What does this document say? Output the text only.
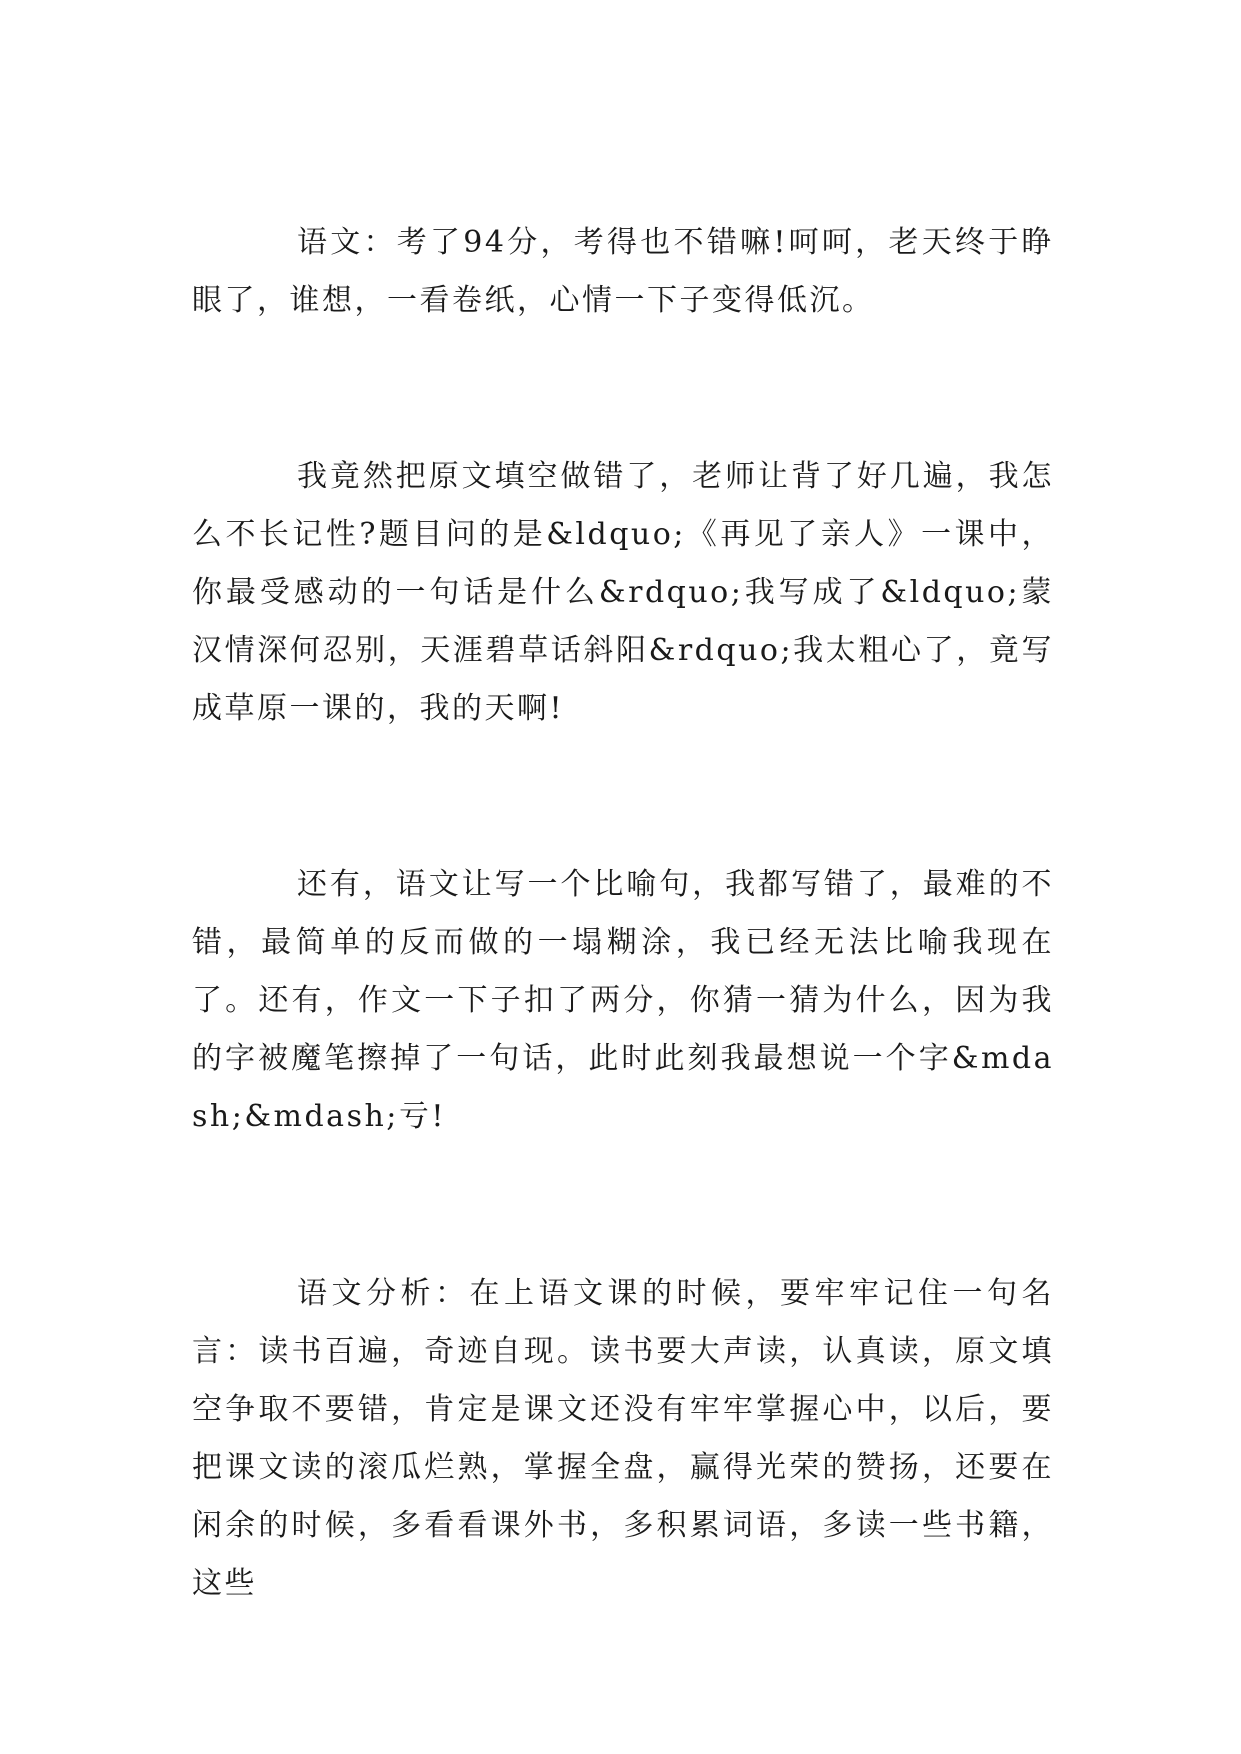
语文：考了94分，考得也不错嘛!呵呵，老天终于睁眼了，谁想，一看卷纸，心情一下子变得低沉。

我竟然把原文填空做错了，老师让背了好几遍，我怎么不长记性?题目问的是&ldquo;《再见了亲人》一课中，你最受感动的一句话是什么&rdquo;我写成了&ldquo;蒙汉情深何忍别，天涯碧草话斜阳&rdquo;我太粗心了，竟写成草原一课的，我的天啊!

还有，语文让写一个比喻句，我都写错了，最难的不错，最简单的反而做的一塌糊涂，我已经无法比喻我现在了。还有，作文一下子扣了两分，你猜一猜为什么，因为我的字被魔笔擦掉了一句话，此时此刻我最想说一个字&mdash;&mdash;亏!

语文分析：在上语文课的时候，要牢牢记住一句名言：读书百遍，奇迹自现。读书要大声读，认真读，原文填空争取不要错，肯定是课文还没有牢牢掌握心中，以后，要把课文读的滚瓜烂熟，掌握全盘，赢得光荣的赞扬，还要在闲余的时候，多看看课外书，多积累词语，多读一些书籍，这些
